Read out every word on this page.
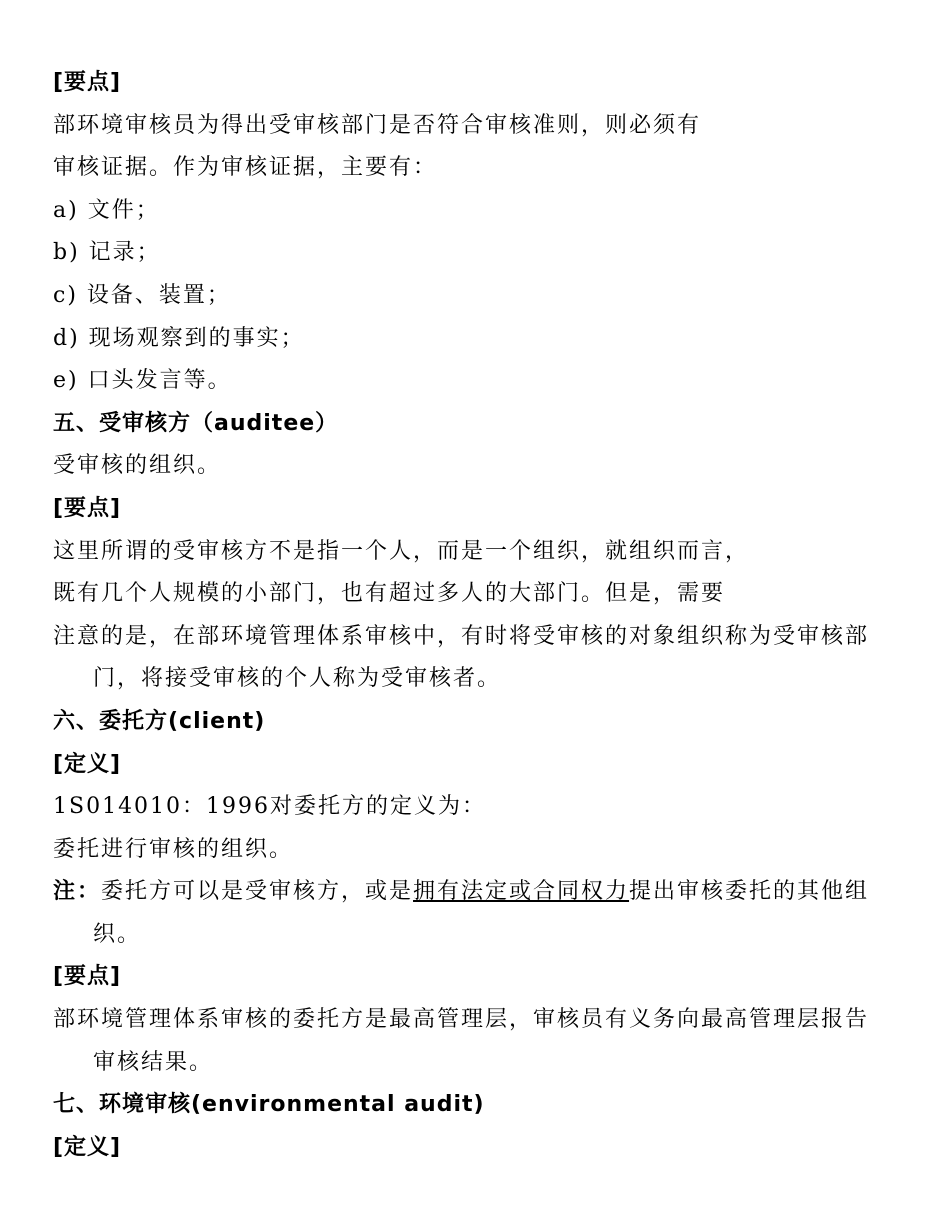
[要点]
部环境审核员为得出受审核部门是否符合审核准则，则必须有
审核证据。作为审核证据，主要有：
a) 文件；
b) 记录；
c) 设备、装置；
d) 现场观察到的事实；
e) 口头发言等。
五、受审核方（auditee）
受审核的组织。
[要点]
这里所谓的受审核方不是指一个人，而是一个组织，就组织而言，
既有几个人规模的小部门，也有超过多人的大部门。但是，需要
注意的是，在部环境管理体系审核中，有时将受审核的对象组织称为受审核部
门，将接受审核的个人称为受审核者。
六、委托方(client)
[定义]
1S014010：1996对委托方的定义为：
委托进行审核的组织。
注：委托方可以是受审核方，或是拥有法定或合同权力提出审核委托的其他组
织。
[要点]
部环境管理体系审核的委托方是最高管理层，审核员有义务向最高管理层报告
审核结果。
七、环境审核(environmental audit)
[定义]
